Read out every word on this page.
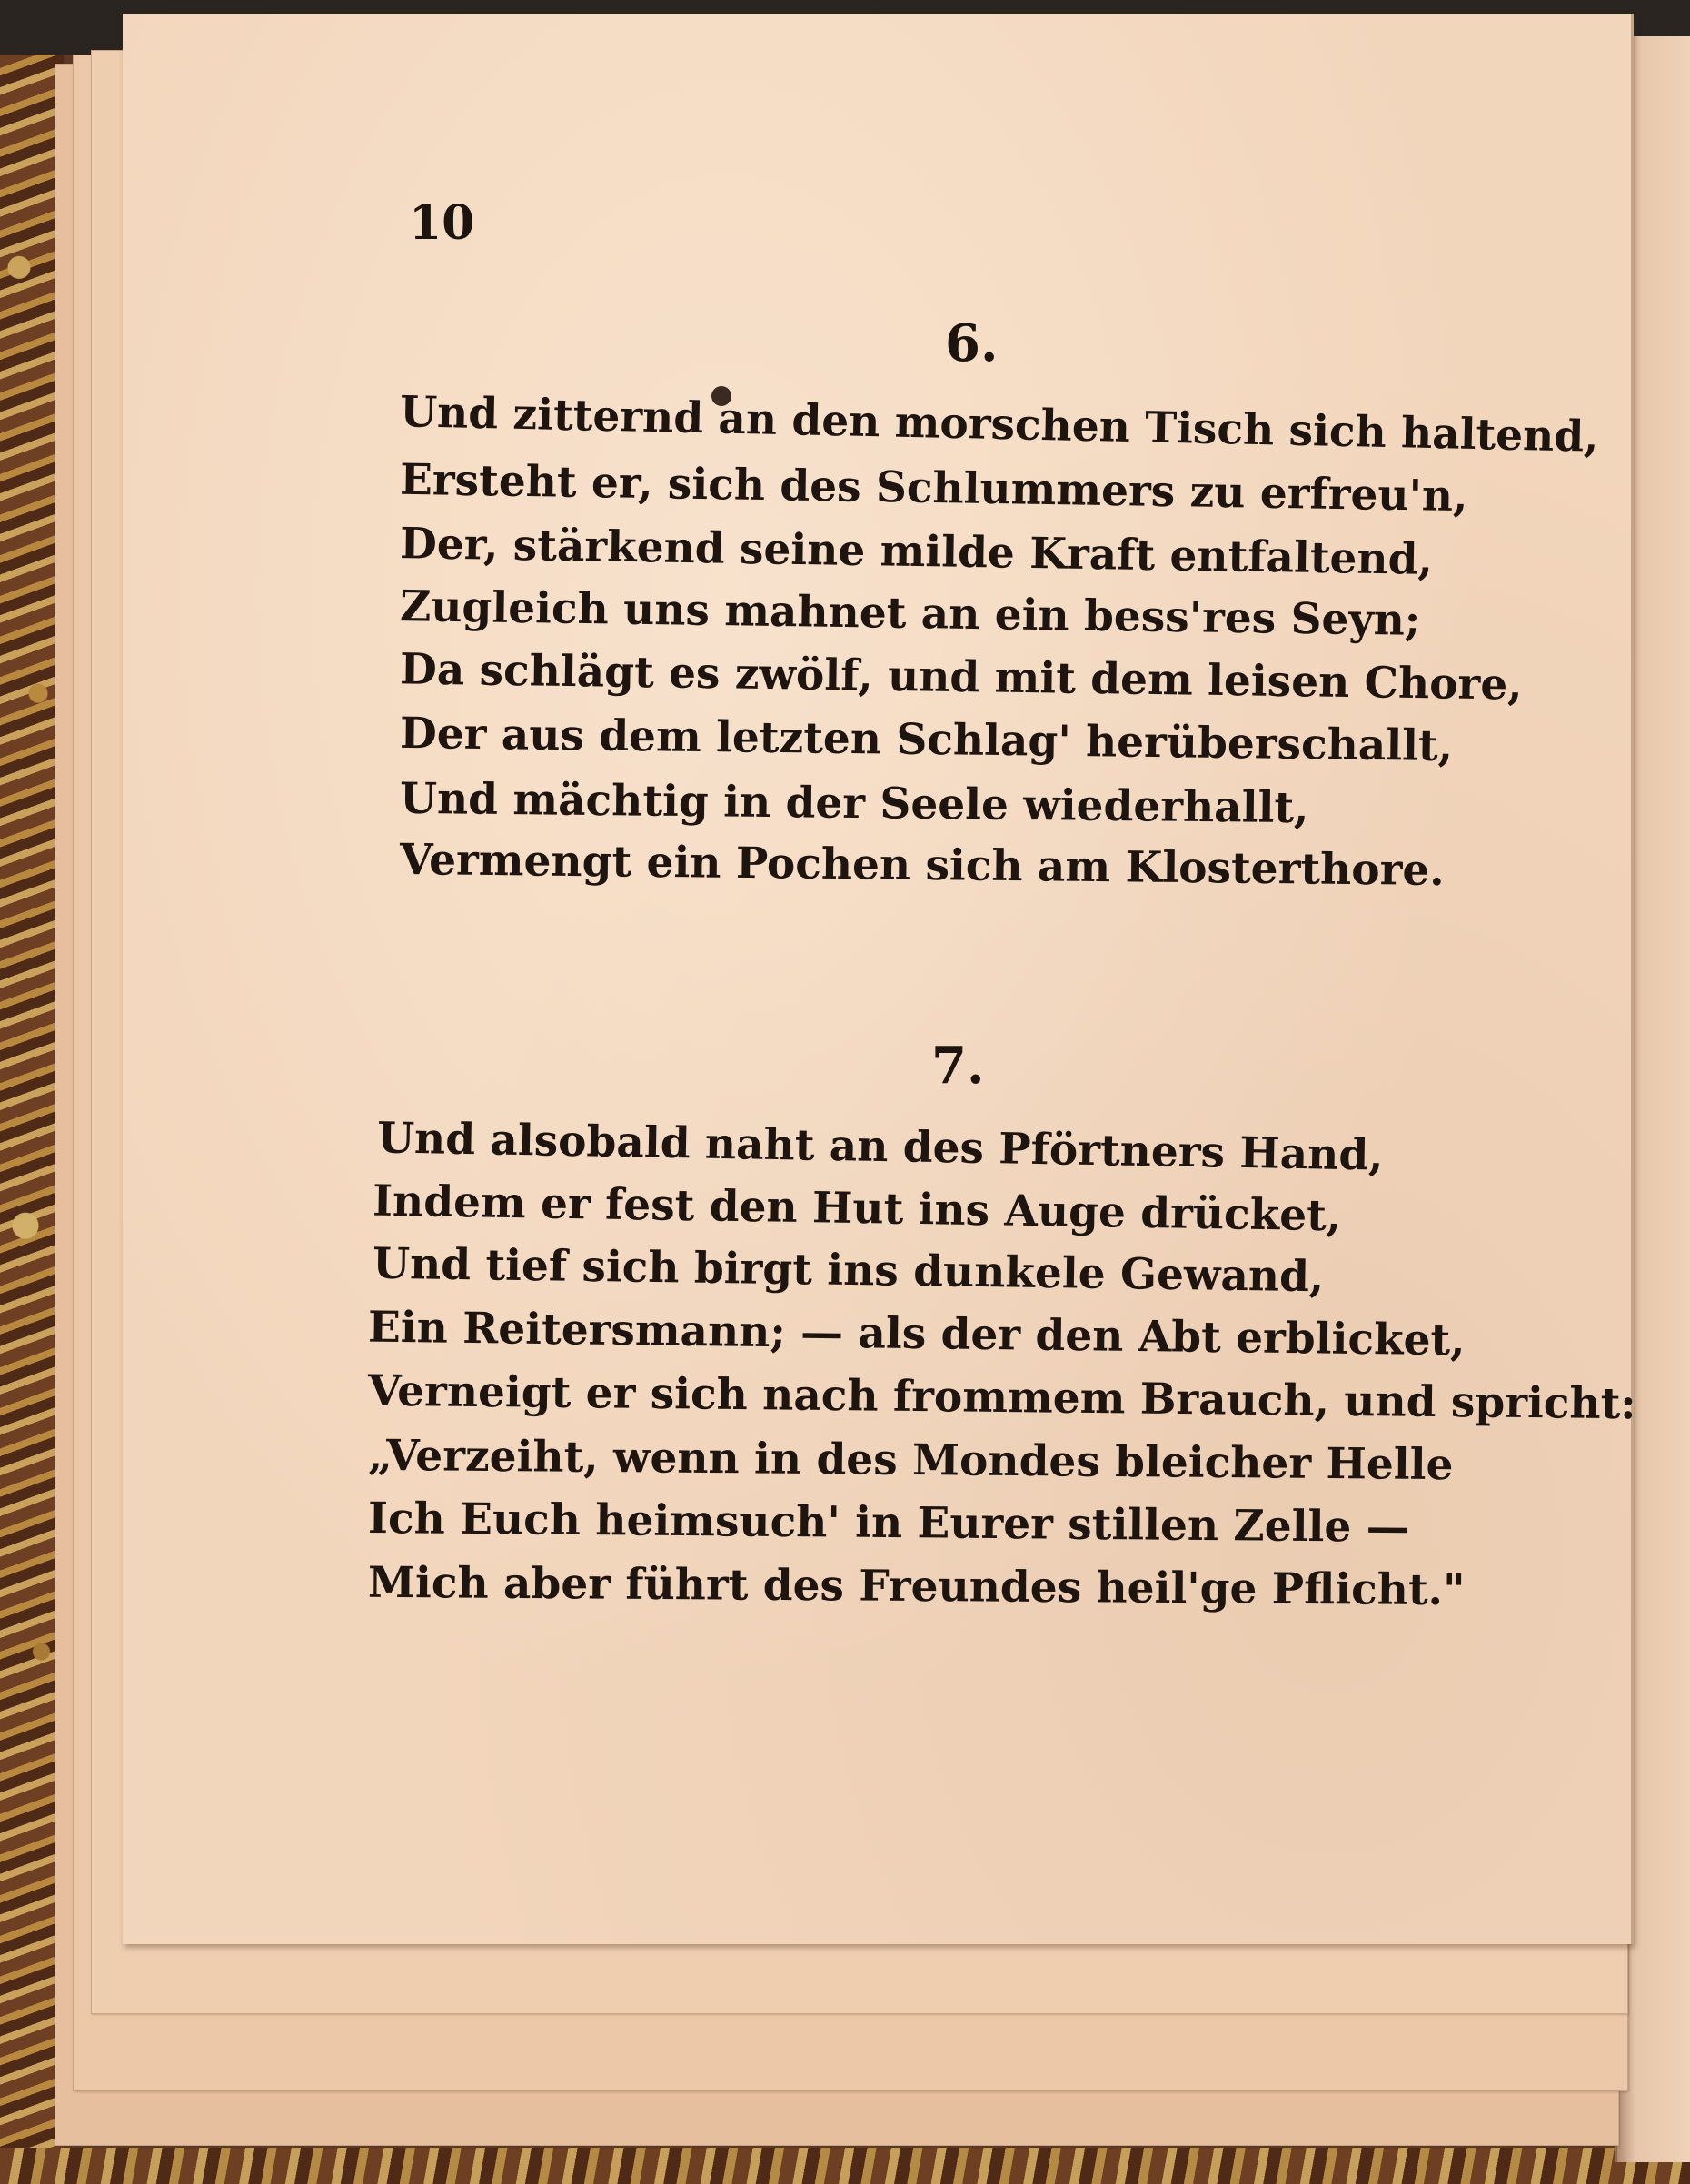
10
6.
Und zitternd an den morschen Tisch sich haltend,
Ersteht er, sich des Schlummers zu erfreu'n,
Der, stärkend seine milde Kraft entfaltend,
Zugleich uns mahnet an ein bess'res Seyn;
Da schlägt es zwölf, und mit dem leisen Chore,
Der aus dem letzten Schlag' herüberschallt,
Und mächtig in der Seele wiederhallt,
Vermengt ein Pochen sich am Klosterthore.
7.
Und alsobald naht an des Pförtners Hand,
Indem er fest den Hut ins Auge drücket,
Und tief sich birgt ins dunkele Gewand,
Ein Reitersmann; — als der den Abt erblicket,
Verneigt er sich nach frommem Brauch, und spricht:
„Verzeiht, wenn in des Mondes bleicher Helle
Ich Euch heimsuch' in Eurer stillen Zelle —
Mich aber führt des Freundes heil'ge Pflicht."
